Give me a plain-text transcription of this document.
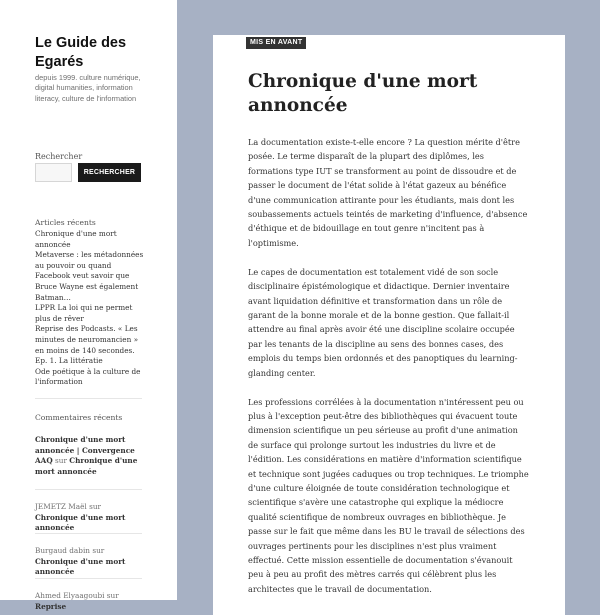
Le Guide des Egarés
depuis 1999. culture numérique, digital humanities, information literacy, culture de l'information
Rechercher
RECHERCHER
Articles récents
Chronique d'une mort annoncée
Metaverse : les métadonnées au pouvoir ou quand Facebook veut savoir que Bruce Wayne est également Batman…
LPPR La loi qui ne permet plus de rêver
Reprise des Podcasts. « Les minutes de neuromancien » en moins de 140 secondes. Ep. 1. La littératie
Ode poétique à la culture de l'information
Commentaires récents
Chronique d'une mort annoncée | Convergence AAQ sur Chronique d'une mort annoncée
JEMETZ Maël sur Chronique d'une mort annoncée
Burgaud dabin sur Chronique d'une mort annoncée
Ahmed Elyaagoubi sur Reprise
MIS EN AVANT
Chronique d'une mort annoncée

La documentation existe-t-elle encore ? La question mérite d'être posée. Le terme disparaît de la plupart des diplômes, les formations type IUT se transforment au point de dissoudre et de passer le document de l'état solide à l'état gazeux au bénéfice d'une communication attirante pour les étudiants, mais dont les soubassements actuels teintés de marketing d'influence, d'absence d'éthique et de bidouillage en tout genre n'incitent pas à l'optimisme.

Le capes de documentation est totalement vidé de son socle disciplinaire épistémologique et didactique. Dernier inventaire avant liquidation définitive et transformation dans un rôle de garant de la bonne morale et de la bonne gestion. Que fallait-il attendre au final après avoir été une discipline scolaire occupée par les tenants de la discipline au sens des bonnes cases, des emplois du temps bien ordonnés et des panoptiques du learning-glanding center.

Les professions corrélées à la documentation n'intéressent peu ou plus à l'exception peut-être des bibliothèques qui évacuent toute dimension scientifique un peu sérieuse au profit d'une animation de surface qui prolonge surtout les industries du livre et de l'édition. Les considérations en matière d'information scientifique et technique sont jugées caduques ou trop techniques. Le triomphe d'une culture éloignée de toute considération technologique et scientifique s'avère une catastrophe qui explique la médiocre qualité scientifique de nombreux ouvrages en bibliothèque. Je passe sur le fait que même dans les BU le travail de sélections des ouvrages pertinents pour les disciplines n'est plus vraiment effectué. Cette mission essentielle de documentation s'évanouit peu à peu au profit des mètres carrés qui célèbrent plus les architectes que le travail de documentation.
